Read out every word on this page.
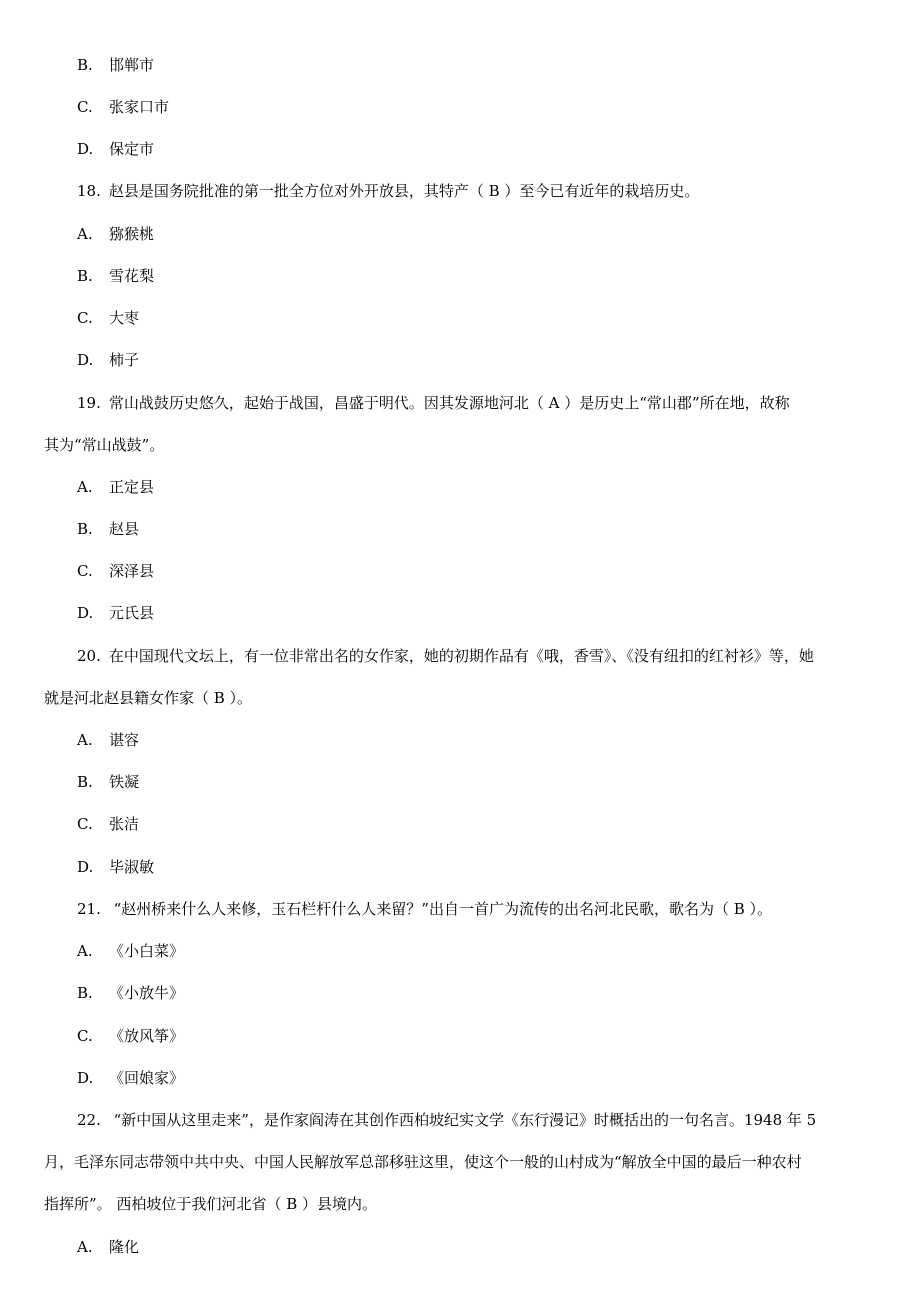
B. 邯郸市
C. 张家口市
D. 保定市
18. 赵县是国务院批准的第一批全方位对外开放县，其特产（ B ）至今已有近年的栽培历史。
A. 猕猴桃
B. 雪花梨
C. 大枣
D. 柿子
19. 常山战鼓历史悠久，起始于战国，昌盛于明代。因其发源地河北（ A ）是历史上“常山郡”所在地，故称
其为“常山战鼓”。
A. 正定县
B. 赵县
C. 深泽县
D. 元氏县
20. 在中国现代文坛上，有一位非常出名的女作家，她的初期作品有《哦，香雪》、《没有纽扣的红衬衫》等，她
就是河北赵县籍女作家（ B ）。
A. 谌容
B. 铁凝
C. 张洁
D. 毕淑敏
21. “赵州桥来什么人来修，玉石栏杆什么人来留？”出自一首广为流传的出名河北民歌，歌名为（ B ）。
A. 《小白菜》
B. 《小放牛》
C. 《放风筝》
D. 《回娘家》
22. “新中国从这里走来”，是作家阎涛在其创作西柏坡纪实文学《东行漫记》时概括出的一句名言。1948 年 5
月，毛泽东同志带领中共中央、中国人民解放军总部移驻这里，使这个一般的山村成为“解放全中国的最后一种农村
指挥所”。 西柏坡位于我们河北省（ B ）县境内。
A. 隆化
